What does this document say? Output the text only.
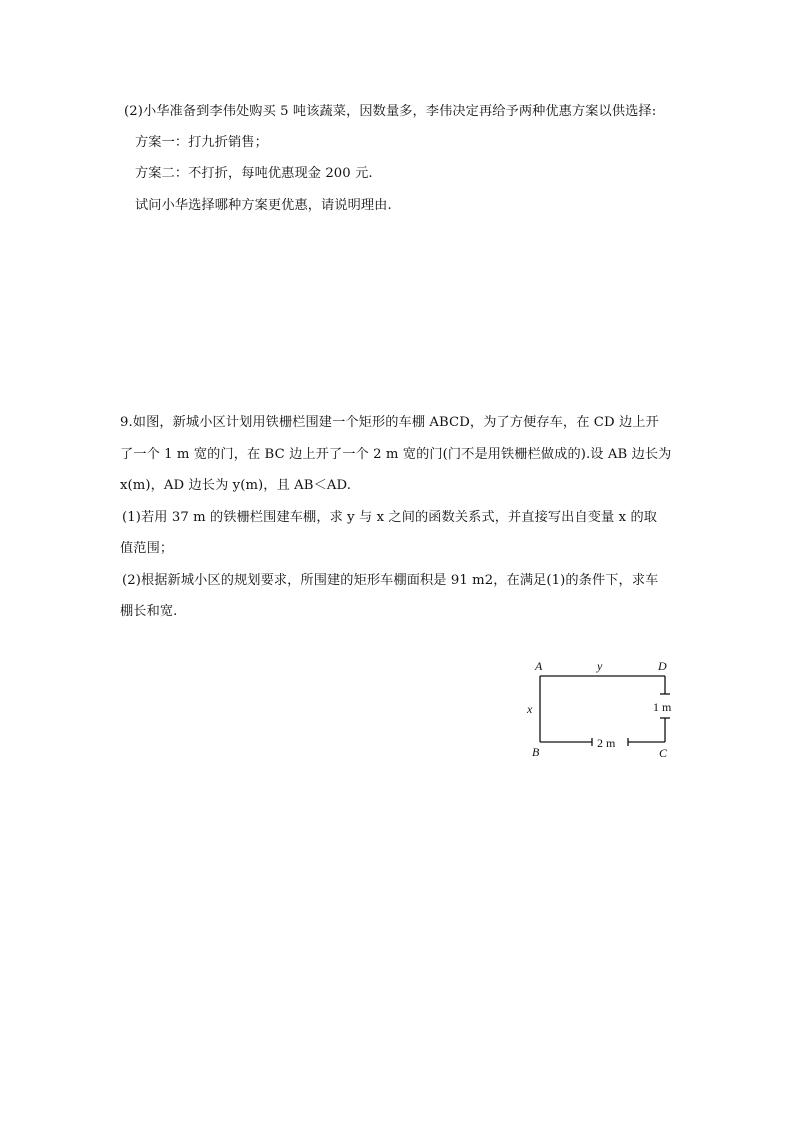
(2)小华准备到李伟处购买 5 吨该蔬菜，因数量多，李伟决定再给予两种优惠方案以供选择:
方案一：打九折销售；
方案二：不打折，每吨优惠现金 200 元.
试问小华选择哪种方案更优惠，请说明理由.
9.如图，新城小区计划用铁栅栏围建一个矩形的车棚 ABCD，为了方便存车，在 CD 边上开
了一个 1 m 宽的门，在 BC 边上开了一个 2 m 宽的门(门不是用铁栅栏做成的).设 AB 边长为
x(m)，AD 边长为 y(m)，且 AB＜AD.
(1)若用 37 m 的铁栅栏围建车棚，求 y 与 x 之间的函数关系式，并直接写出自变量 x 的取
值范围；
(2)根据新城小区的规划要求，所围建的矩形车棚面积是 91 m2，在满足(1)的条件下，求车
棚长和宽.
A	D
B	C
y
x	1 m
2 m
